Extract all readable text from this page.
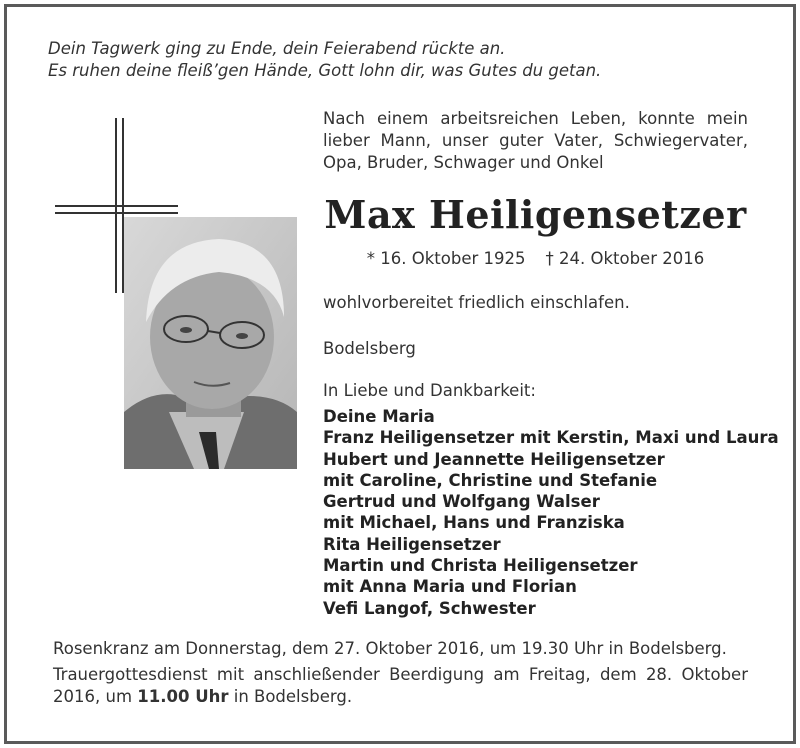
Dein Tagwerk ging zu Ende, dein Feierabend rückte an.
Es ruhen deine fleiß’gen Hände, Gott lohn dir, was Gutes du getan.
Nach einem arbeitsreichen Leben, konnte mein
lieber Mann, unser guter Vater, Schwiegervater,
Opa, Bruder, Schwager und Onkel
Max Heiligensetzer
* 16. Oktober 1925 † 24. Oktober 2016
wohlvorbereitet friedlich einschlafen.
Bodelsberg
In Liebe und Dankbarkeit:
Deine Maria
Franz Heiligensetzer mit Kerstin, Maxi und Laura
Hubert und Jeannette Heiligensetzer
mit Caroline, Christine und Stefanie
Gertrud und Wolfgang Walser
mit Michael, Hans und Franziska
Rita Heiligensetzer
Martin und Christa Heiligensetzer
mit Anna Maria und Florian
Vefi Langof, Schwester
Rosenkranz am Donnerstag, dem 27. Oktober 2016, um 19.30 Uhr in Bodelsberg.
Trauergottesdienst mit anschließender Beerdigung am Freitag, dem 28. Oktober
2016, um 11.00 Uhr in Bodelsberg.
